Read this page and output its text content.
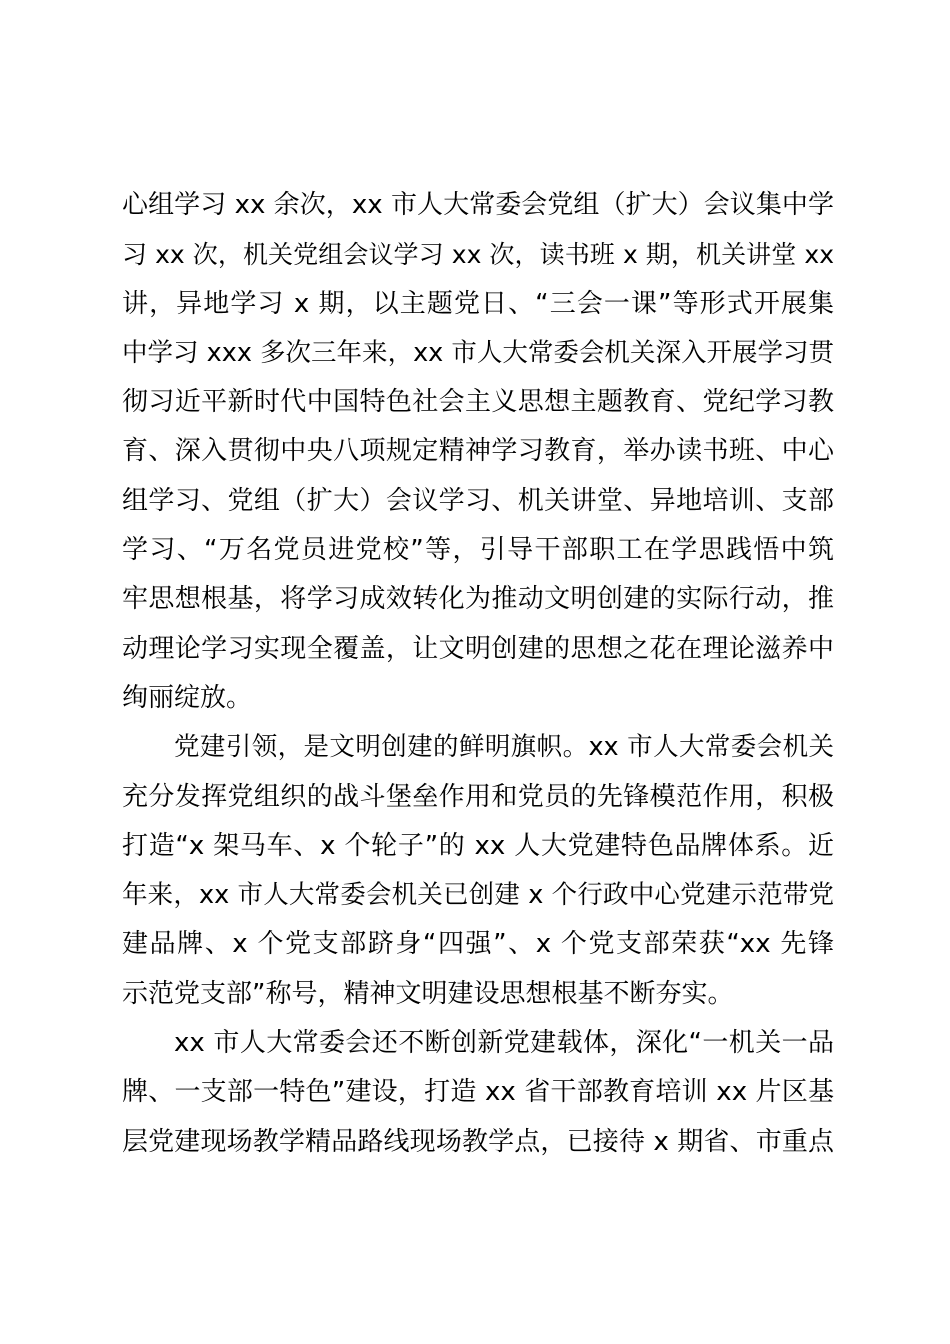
心组学习 xx 余次，xx 市人大常委会党组（扩大）会议集中学
习 xx 次，机关党组会议学习 xx 次，读书班 x 期，机关讲堂 xx
讲，异地学习 x 期，以主题党日、“三会一课”等形式开展集
中学习 xxx 多次三年来，xx 市人大常委会机关深入开展学习贯
彻习近平新时代中国特色社会主义思想主题教育、党纪学习教
育、深入贯彻中央八项规定精神学习教育，举办读书班、中心
组学习、党组（扩大）会议学习、机关讲堂、异地培训、支部
学习、“万名党员进党校”等，引导干部职工在学思践悟中筑
牢思想根基，将学习成效转化为推动文明创建的实际行动，推
动理论学习实现全覆盖，让文明创建的思想之花在理论滋养中
绚丽绽放。
党建引领，是文明创建的鲜明旗帜。xx 市人大常委会机关
充分发挥党组织的战斗堡垒作用和党员的先锋模范作用，积极
打造“x 架马车、x 个轮子”的 xx 人大党建特色品牌体系。近
年来，xx 市人大常委会机关已创建 x 个行政中心党建示范带党
建品牌、x 个党支部跻身“四强”、x 个党支部荣获“xx 先锋
示范党支部”称号，精神文明建设思想根基不断夯实。
xx 市人大常委会还不断创新党建载体，深化“一机关一品
牌、一支部一特色”建设，打造 xx 省干部教育培训 xx 片区基
层党建现场教学精品路线现场教学点，已接待 x 期省、市重点
